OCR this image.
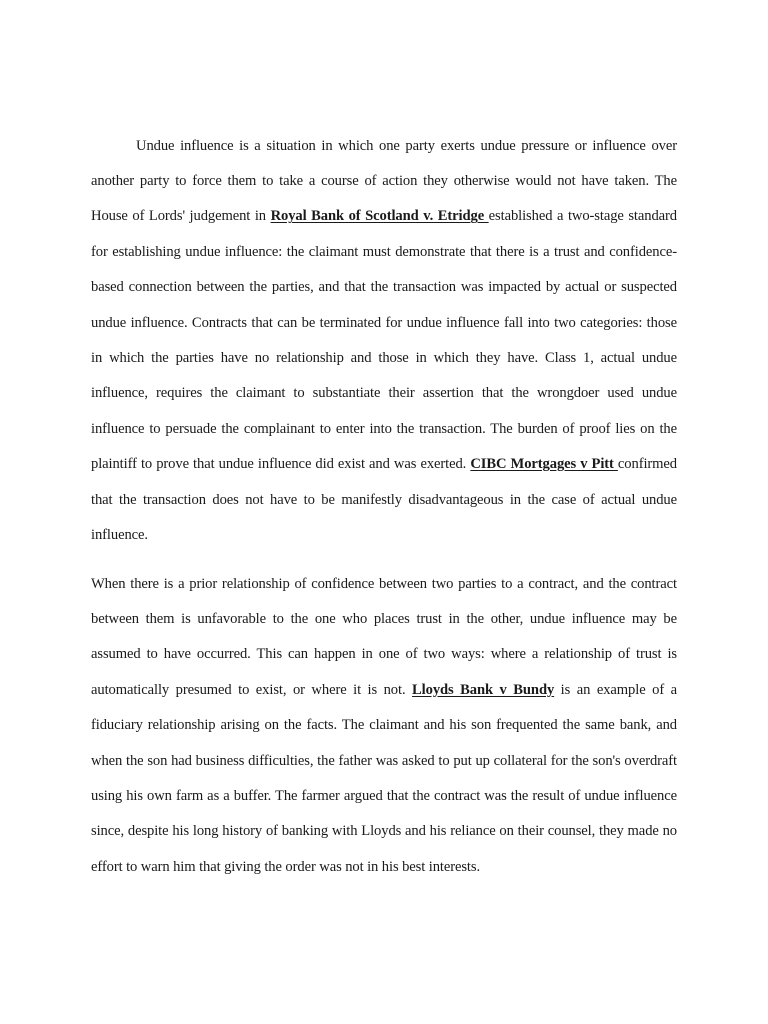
Undue influence is a situation in which one party exerts undue pressure or influence over another party to force them to take a course of action they otherwise would not have taken. The House of Lords' judgement in Royal Bank of Scotland v. Etridge established a two-stage standard for establishing undue influence: the claimant must demonstrate that there is a trust and confidence-based connection between the parties, and that the transaction was impacted by actual or suspected undue influence. Contracts that can be terminated for undue influence fall into two categories: those in which the parties have no relationship and those in which they have. Class 1, actual undue influence, requires the claimant to substantiate their assertion that the wrongdoer used undue influence to persuade the complainant to enter into the transaction. The burden of proof lies on the plaintiff to prove that undue influence did exist and was exerted. CIBC Mortgages v Pitt confirmed that the transaction does not have to be manifestly disadvantageous in the case of actual undue influence.

When there is a prior relationship of confidence between two parties to a contract, and the contract between them is unfavorable to the one who places trust in the other, undue influence may be assumed to have occurred. This can happen in one of two ways: where a relationship of trust is automatically presumed to exist, or where it is not. Lloyds Bank v Bundy is an example of a fiduciary relationship arising on the facts. The claimant and his son frequented the same bank, and when the son had business difficulties, the father was asked to put up collateral for the son's overdraft using his own farm as a buffer. The farmer argued that the contract was the result of undue influence since, despite his long history of banking with Lloyds and his reliance on their counsel, they made no effort to warn him that giving the order was not in his best interests.
